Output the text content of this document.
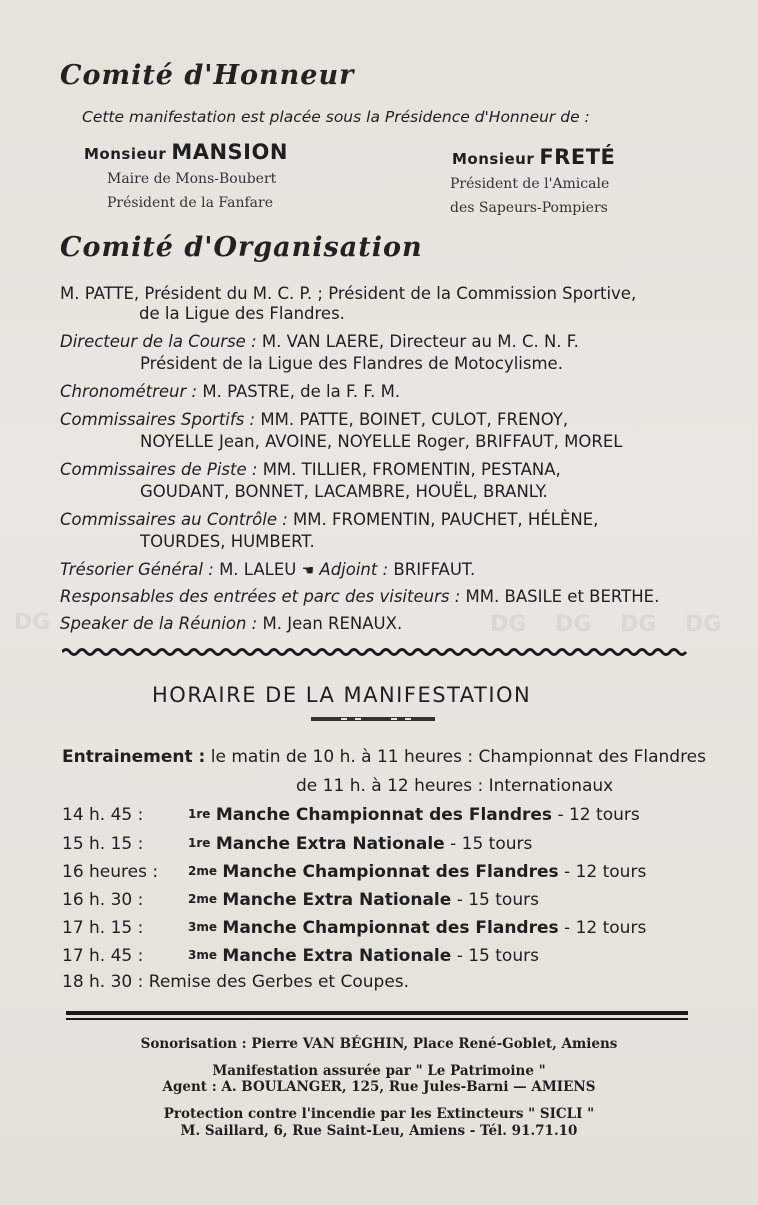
Comité d'Honneur
Cette manifestation est placée sous la Présidence d'Honneur de :
Monsieur MANSION
Maire de Mons-Boubert
Président de la Fanfare
Monsieur FRETÉ
Président de l'Amicale
des Sapeurs-Pompiers
Comité d'Organisation
M. PATTE, Président du M. C. P. ; Président de la Commission Sportive,
de la Ligue des Flandres.
Directeur de la Course : M. VAN LAERE, Directeur au M. C. N. F.
Président de la Ligue des Flandres de Motocylisme.
Chronométreur : M. PASTRE, de la F. F. M.
Commissaires Sportifs : MM. PATTE, BOINET, CULOT, FRENOY,
NOYELLE Jean, AVOINE, NOYELLE Roger, BRIFFAUT, MOREL
Commissaires de Piste : MM. TILLIER, FROMENTIN, PESTANA,
GOUDANT, BONNET, LACAMBRE, HOUËL, BRANLY.
Commissaires au Contrôle : MM. FROMENTIN, PAUCHET, HÉLÈNE,
TOURDES, HUMBERT.
Trésorier Général : M. LALEU ☚ Adjoint : BRIFFAUT.
Responsables des entrées et parc des visiteurs : MM. BASILE et BERTHE.
Speaker de la Réunion : M. Jean RENAUX.
DG	DG DG DG DG
HORAIRE DE LA MANIFESTATION
Entrainement : le matin de 10 h. à 11 heures : Championnat des Flandres
de 11 h. à 12 heures : Internationaux
14 h. 45 :	1re Manche Championnat des Flandres - 12 tours
15 h. 15 :	1re Manche Extra Nationale - 15 tours
16 heures : 2me Manche Championnat des Flandres - 12 tours
16 h. 30 :	2me Manche Extra Nationale - 15 tours
17 h. 15 :	3me Manche Championnat des Flandres - 12 tours
17 h. 45 :	3me Manche Extra Nationale - 15 tours
18 h. 30 : Remise des Gerbes et Coupes.
Sonorisation : Pierre VAN BÉGHIN, Place René-Goblet, Amiens
Manifestation assurée par " Le Patrimoine "
Agent : A. BOULANGER, 125, Rue Jules-Barni — AMIENS
Protection contre l'incendie par les Extincteurs " SICLI "
M. Saillard, 6, Rue Saint-Leu, Amiens - Tél. 91.71.10
